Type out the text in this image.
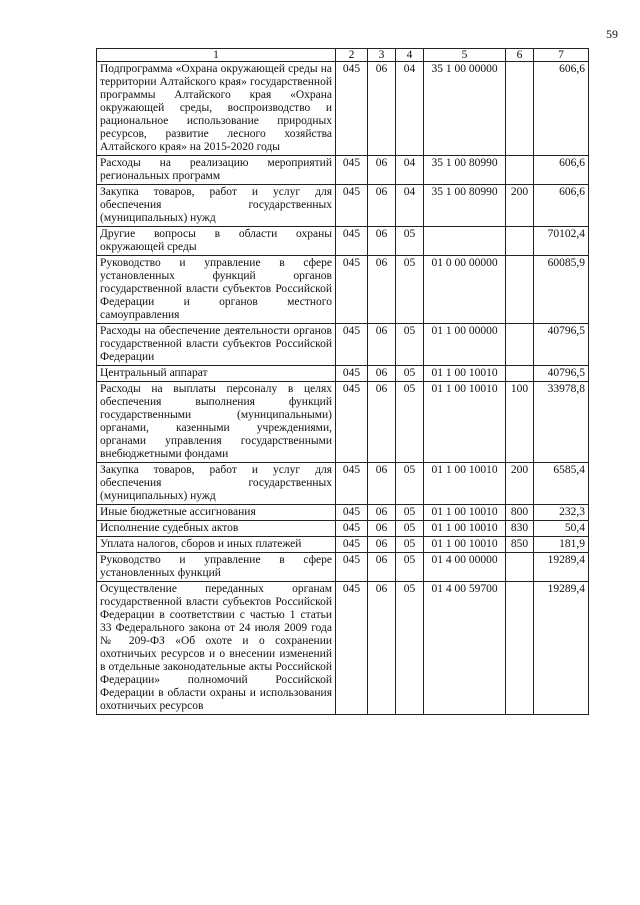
59
1	2	3	4	5	6	7
Подпрограмма «Охрана окружающей среды на территории Алтайского края» государственной программы Алтайского края «Охрана окружающей среды, воспроизводство и рациональное использование природных ресурсов, развитие лесного хозяйства Алтайского края» на 2015-2020 годы	045	06	04	35 1 00 00000		606,6
Расходы на реализацию мероприятий региональных программ	045	06	04	35 1 00 80990		606,6
Закупка товаров, работ и услуг для обеспечения государственных (муниципальных) нужд	045	06	04	35 1 00 80990	200	606,6
Другие вопросы в области охраны окружающей среды	045	06	05			70102,4
Руководство и управление в сфере установленных функций органов государственной власти субъектов Российской Федерации и органов местного самоуправления	045	06	05	01 0 00 00000		60085,9
Расходы на обеспечение деятельности органов государственной власти субъектов Российской Федерации	045	06	05	01 1 00 00000		40796,5
Центральный аппарат	045	06	05	01 1 00 10010		40796,5
Расходы на выплаты персоналу в целях обеспечения выполнения функций государственными (муниципальными) органами, казенными учреждениями, органами управления государственными внебюджетными фондами	045	06	05	01 1 00 10010	100	33978,8
Закупка товаров, работ и услуг для обеспечения государственных (муниципальных) нужд	045	06	05	01 1 00 10010	200	6585,4
Иные бюджетные ассигнования	045	06	05	01 1 00 10010	800	232,3
Исполнение судебных актов	045	06	05	01 1 00 10010	830	50,4
Уплата налогов, сборов и иных платежей	045	06	05	01 1 00 10010	850	181,9
Руководство и управление в сфере установленных функций	045	06	05	01 4 00 00000		19289,4
Осуществление переданных органам государственной власти субъектов Российской Федерации в соответствии с частью 1 статьи 33 Федерального закона от 24 июля 2009 года № 209-ФЗ «Об охоте и о сохранении охотничьих ресурсов и о внесении изменений в отдельные законодательные акты Российской Федерации» полномочий Российской Федерации в области охраны и использования охотничьих ресурсов	045	06	05	01 4 00 59700		19289,4
